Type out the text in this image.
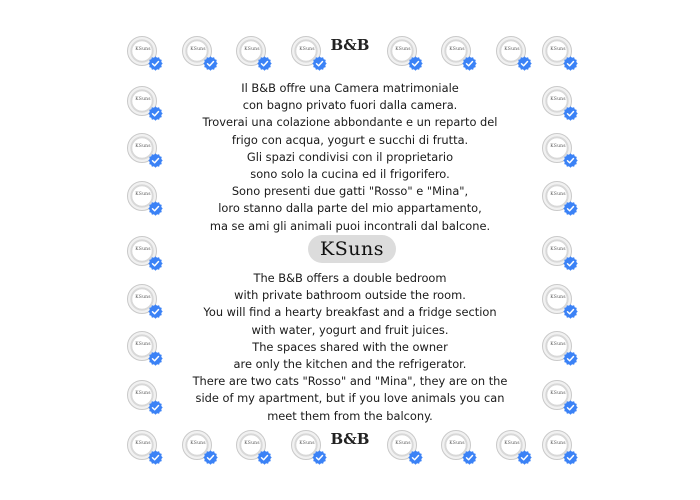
KSuns	KSuns	KSuns	KSuns	KSuns	KSuns	KSuns	KSuns
KSuns	KSuns	KSuns	KSuns	KSuns	KSuns	KSuns	KSuns
KSuns	KSuns
KSuns	KSuns
KSuns	KSuns
KSuns	KSuns
KSuns	KSuns
KSuns	KSuns
KSuns	KSuns
B&B
Il B&B offre una Camera matrimoniale
con bagno privato fuori dalla camera.
Troverai una colazione abbondante e un reparto del
frigo con acqua, yogurt e succhi di frutta.
Gli spazi condivisi con il proprietario
sono solo la cucina ed il frigorifero.
Sono presenti due gatti "Rosso" e "Mina",
loro stanno dalla parte del mio appartamento,
ma se ami gli animali puoi incontrali dal balcone.
KSuns
The B&B offers a double bedroom
with private bathroom outside the room.
You will find a hearty breakfast and a fridge section
with water, yogurt and fruit juices.
The spaces shared with the owner
are only the kitchen and the refrigerator.
There are two cats "Rosso" and "Mina", they are on the
side of my apartment, but if you love animals you can
meet them from the balcony.
B&B
